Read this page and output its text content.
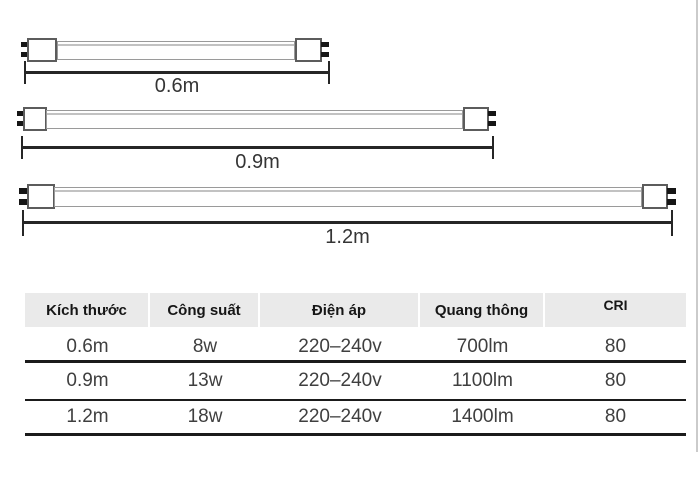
0.6m
0.9m
1.2m
Kích thước	Công suất	Điện áp	Quang thông	CRI
0.6m	8w	220–240v	700lm	80
0.9m	13w	220–240v	1100lm	80
1.2m	18w	220–240v	1400lm	80
